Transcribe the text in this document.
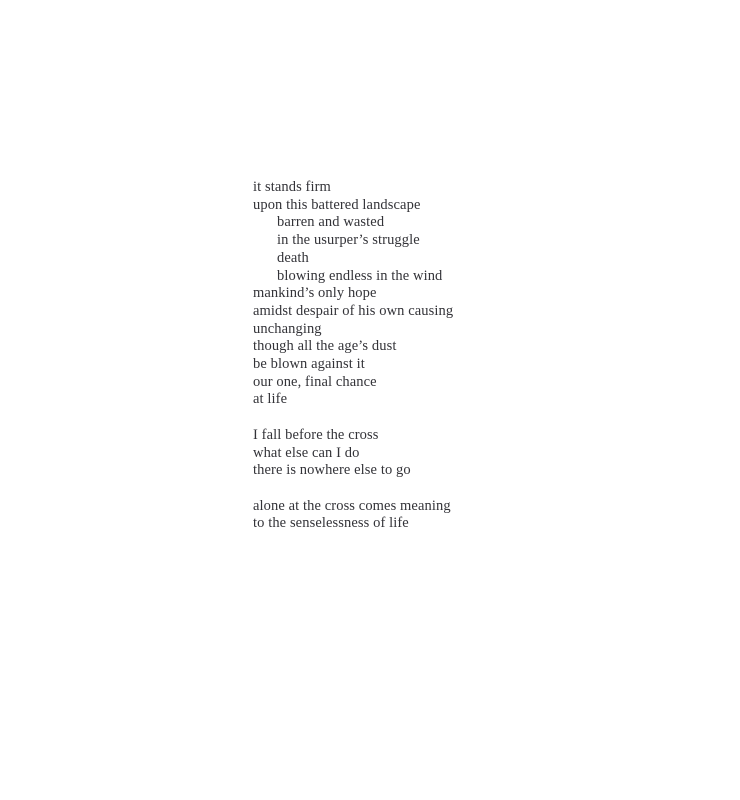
it stands firm
upon this battered landscape
barren and wasted
in the usurper’s struggle
death
blowing endless in the wind
mankind’s only hope
amidst despair of his own causing
unchanging
though all the age’s dust
be blown against it
our one, final chance
at life
I fall before the cross
what else can I do
there is nowhere else to go
alone at the cross comes meaning
to the senselessness of life
